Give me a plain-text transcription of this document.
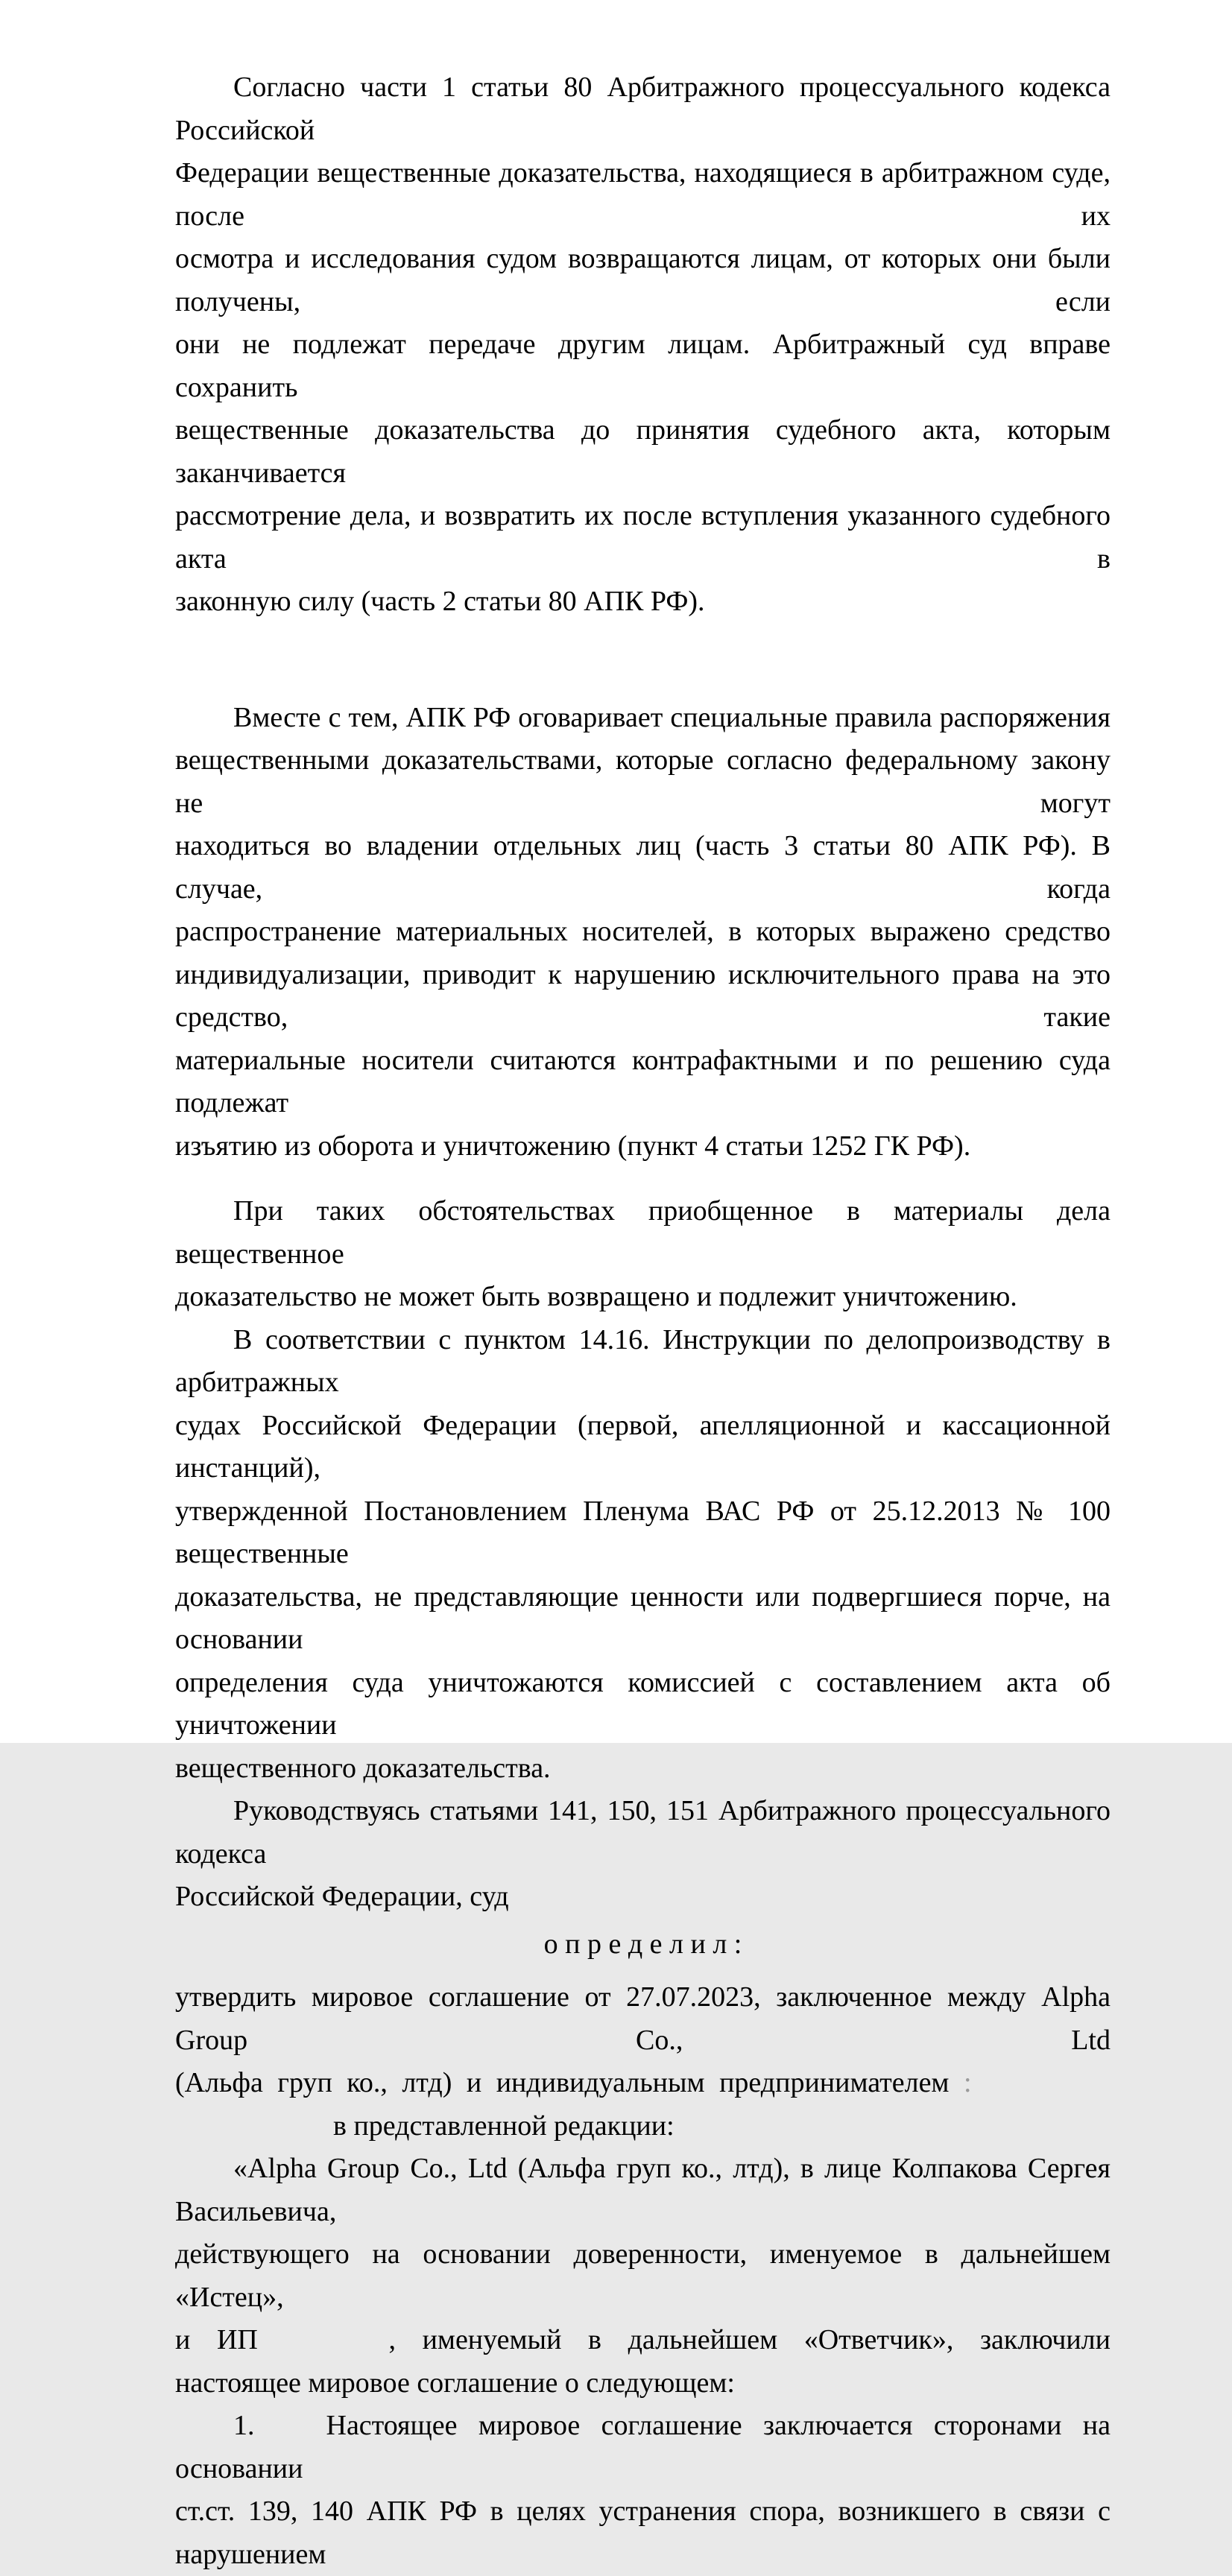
Согласно части 1 статьи 80 Арбитражного процессуального кодекса Российской
Федерации вещественные доказательства, находящиеся в арбитражном суде, после их
осмотра и исследования судом возвращаются лицам, от которых они были получены, если
они не подлежат передаче другим лицам. Арбитражный суд вправе сохранить
вещественные доказательства до принятия судебного акта, которым заканчивается
рассмотрение дела, и возвратить их после вступления указанного судебного акта в
законную силу (часть 2 статьи 80 АПК РФ).
Вместе с тем, АПК РФ оговаривает специальные правила распоряжения
вещественными доказательствами, которые согласно федеральному закону не могут
находиться во владении отдельных лиц (часть 3 статьи 80 АПК РФ). В случае, когда
распространение материальных носителей, в которых выражено средство
индивидуализации, приводит к нарушению исключительного права на это средство, такие
материальные носители считаются контрафактными и по решению суда подлежат
изъятию из оборота и уничтожению (пункт 4 статьи 1252 ГК РФ).
При таких обстоятельствах приобщенное в материалы дела вещественное
доказательство не может быть возвращено и подлежит уничтожению.
В соответствии с пунктом 14.16. Инструкции по делопроизводству в арбитражных
судах Российской Федерации (первой, апелляционной и кассационной инстанций),
утвержденной Постановлением Пленума ВАС РФ от 25.12.2013 № 100 вещественные
доказательства, не представляющие ценности или подвергшиеся порче, на основании
определения суда уничтожаются комиссией с составлением акта об уничтожении
вещественного доказательства.
Руководствуясь статьями 141, 150, 151 Арбитражного процессуального кодекса
Российской Федерации, суд
о п р е д е л и л :
утвердить мировое соглашение от 27.07.2023, заключенное между Alpha Group Co., Ltd
(Альфа груп ко., лтд) и индивидуальным предпринимателем :
в представленной редакции:
«Alpha Group Co., Ltd (Альфа груп ко., лтд), в лице Колпакова Сергея Васильевича,
действующего на основании доверенности, именуемое в дальнейшем «Истец»,
и ИП	, именуемый в дальнейшем «Ответчик», заключили
настоящее мировое соглашение о следующем:
1.	Настоящее мировое соглашение заключается сторонами на основании
ст.ст. 139, 140 АПК РФ в целях устранения спора, возникшего в связи с нарушением
